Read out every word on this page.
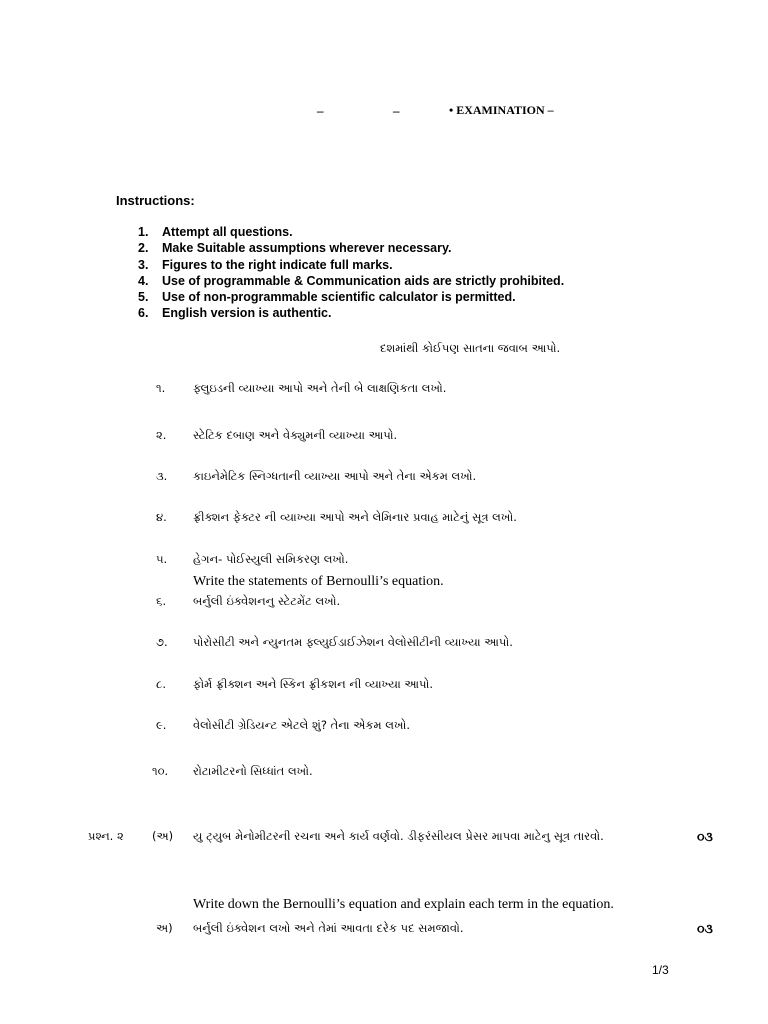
–	–	• EXAMINATION –
Instructions:
1. Attempt all questions.
2. Make Suitable assumptions wherever necessary.
3. Figures to the right indicate full marks.
4. Use of programmable & Communication aids are strictly prohibited.
5. Use of non-programmable scientific calculator is permitted.
6. English version is authentic.
દશમાંથી કોઈપણ સાતના જવાબ આપો.
૧. ફ્લુઇડની વ્યાખ્યા આપો અને તેની બે લાક્ષણિકતા લખો.
૨. સ્ટેટિક દબાણ અને વેક્યુમની વ્યાખ્યા આપો.
૩. કાઇનેમેટિક સ્નિગ્ધતાની વ્યાખ્યા આપો અને તેના એકમ લખો.
૪. ફ્રીક્શન ફેક્ટર ની વ્યાખ્યા આપો અને લેમિનાર પ્રવાહ માટેનું સૂત્ર લખો.
૫. હેગન- પોઈસ્યુલી સમિકરણ લખો.
Write the statements of Bernoulli’s equation.
૬. બર્નુલી ઇંક્વેશનનુ સ્ટેટમેંટ લખો.
૭. પોરોસીટી અને ન્યુનતમ ફ્લ્યુઈડાઈઝેશન વેલોસીટીની વ્યાખ્યા આપો.
૮. ફોર્મ ફ્રીક્શન અને સ્કિન ફ્રીકશન ની વ્યાખ્યા આપો.
૯. વેલોસીટી ગ્રેડિયન્ટ એટલે શું? તેના એકમ લખો.
૧૦. રોટામીટરનો સિધ્ધાંત લખો.
પ્રશ્ન. ૨ (અ) યુ ટ્યુબ મેનોમીટરની રચના અને કાર્ય વર્ણવો. ડીફરંસીયલ પ્રેસર માપવા માટેનુ સૂત્ર તારવો.	૦૩
Write down the Bernoulli’s equation and explain each term in the equation.
અ) બર્નુલી ઇંક્વેશન લખો અને તેમાં આવતા દરેક પદ સમજાવો.	૦૩
1/3
